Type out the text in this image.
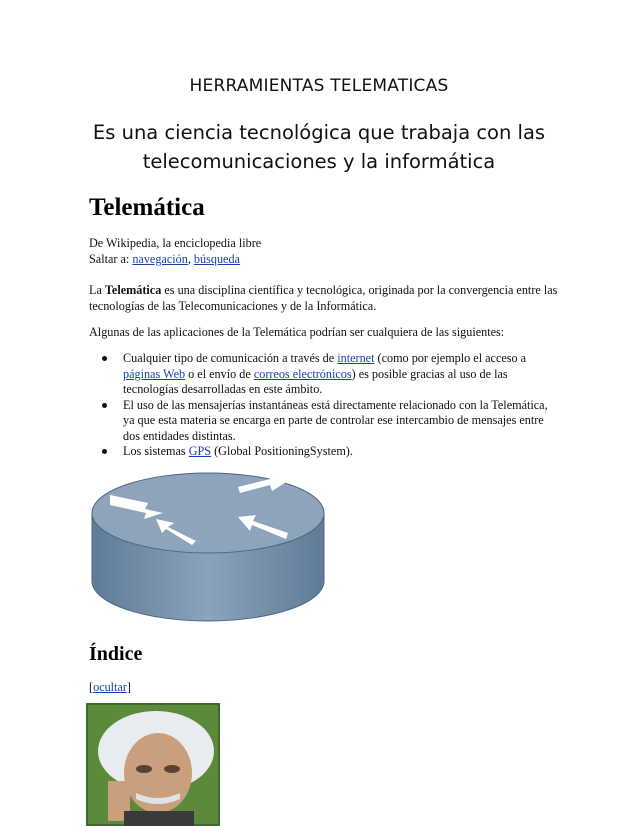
HERRAMIENTAS TELEMATICAS
Es una ciencia tecnológica que trabaja con las
telecomunicaciones y la informática
Telemática
De Wikipedia, la enciclopedia libre
Saltar a: navegación, búsqueda
La Telemática es una disciplina científica y tecnológica, originada por la convergencia entre las tecnologías de las Telecomunicaciones y de la Informática.
Algunas de las aplicaciones de la Telemática podrían ser cualquiera de las siguientes:
Cualquier tipo de comunicación a través de internet (como por ejemplo el acceso a páginas Web o el envío de correos electrónicos) es posible gracias al uso de las tecnologías desarrolladas en este ámbito.
El uso de las mensajerías instantáneas está directamente relacionado con la Telemática, ya que esta materia se encarga en parte de controlar ese intercambio de mensajes entre dos entidades distintas.
Los sistemas GPS (Global PositioningSystem).
Índice
[ocultar]
